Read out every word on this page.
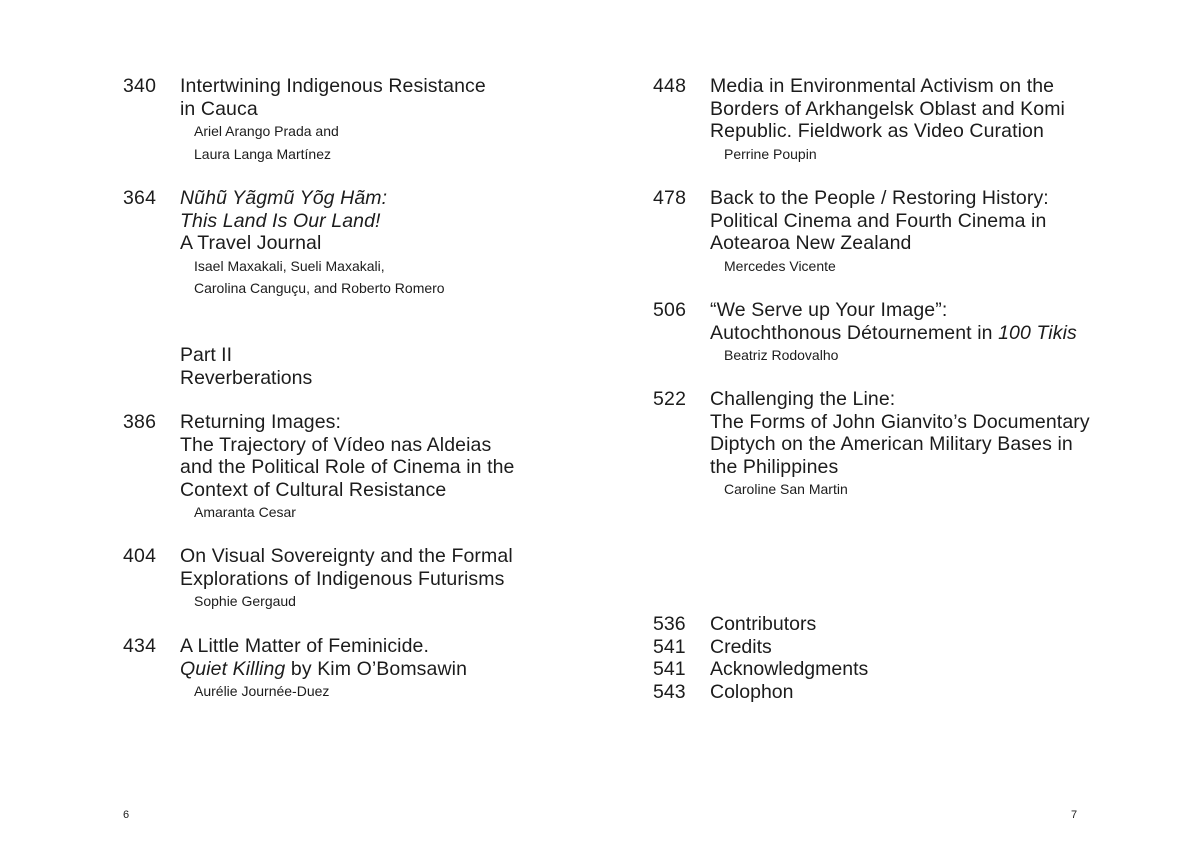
340 Intertwining Indigenous Resistance
in Cauca
Ariel Arango Prada and
Laura Langa Martínez
364 Nũhũ Yãgmũ Yõg Hãm:
This Land Is Our Land!
A Travel Journal
Isael Maxakali, Sueli Maxakali,
Carolina Canguçu, and Roberto Romero
Part II
Reverberations
386 Returning Images:
The Trajectory of Vídeo nas Aldeias
and the Political Role of Cinema in the
Context of Cultural Resistance
Amaranta Cesar
404 On Visual Sovereignty and the Formal
Explorations of Indigenous Futurisms
Sophie Gergaud
434 A Little Matter of Feminicide.
Quiet Killing by Kim O’Bomsawin
Aurélie Journée-Duez
6
448 Media in Environmental Activism on the
Borders of Arkhangelsk Oblast and Komi
Republic. Fieldwork as Video Curation
Perrine Poupin
478 Back to the People / Restoring History:
Political Cinema and Fourth Cinema in
Aotearoa New Zealand
Mercedes Vicente
506 “We Serve up Your Image”:
Autochthonous Détournement in 100 Tikis
Beatriz Rodovalho
522 Challenging the Line:
The Forms of John Gianvito’s Documentary
Diptych on the American Military Bases in
the Philippines
Caroline San Martin
7
536 Contributors
541 Credits
541 Acknowledgments
543 Colophon
